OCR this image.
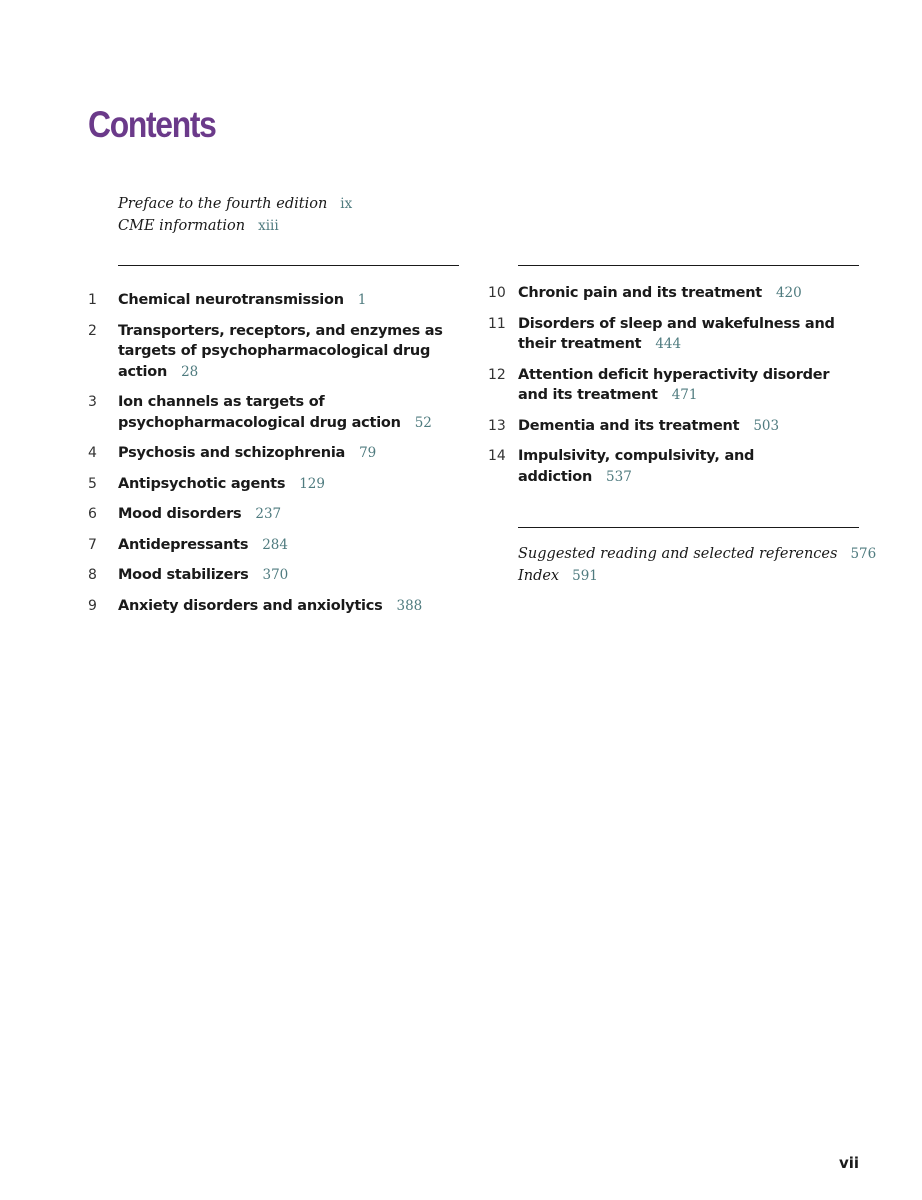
Contents
Preface to the fourth edition ix
CME information xiii
1 Chemical neurotransmission 1
2 Transporters, receptors, and enzymes as targets of psychopharmacological drug action 28
3 Ion channels as targets of psychopharmacological drug action 52
4 Psychosis and schizophrenia 79
5 Antipsychotic agents 129
6 Mood disorders 237
7 Antidepressants 284
8 Mood stabilizers 370
9 Anxiety disorders and anxiolytics 388
10 Chronic pain and its treatment 420
11 Disorders of sleep and wakefulness and their treatment 444
12 Attention deficit hyperactivity disorder and its treatment 471
13 Dementia and its treatment 503
14 Impulsivity, compulsivity, and addiction 537
Suggested reading and selected references 576
Index 591
vii
